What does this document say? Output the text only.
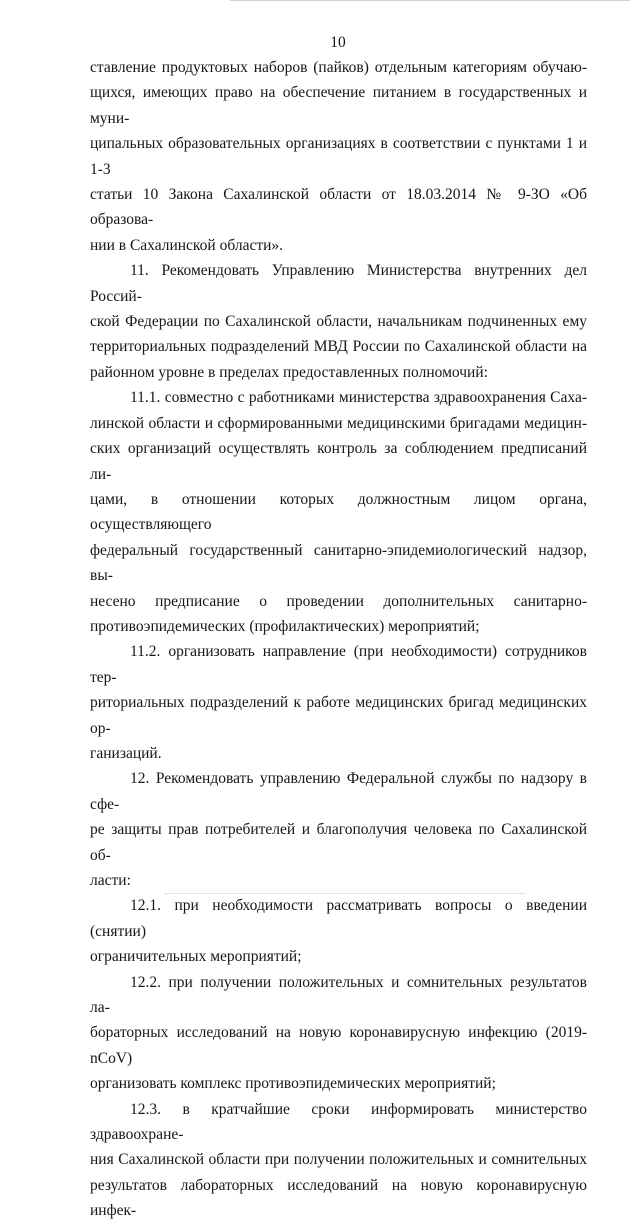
10

ставление продуктовых наборов (пайков) отдельным категориям обучаю-
щихся, имеющих право на обеспечение питанием в государственных и муни-
ципальных образовательных организациях в соответствии с пунктами 1 и 1-3
статьи 10 Закона Сахалинской области от 18.03.2014 № 9-ЗО «Об образова-
нии в Сахалинской области».

11. Рекомендовать Управлению Министерства внутренних дел Россий-
ской Федерации по Сахалинской области, начальникам подчиненных ему
территориальных подразделений МВД России по Сахалинской области на
районном уровне в пределах предоставленных полномочий:

11.1. совместно с работниками министерства здравоохранения Саха-
линской области и сформированными медицинскими бригадами медицин-
ских организаций осуществлять контроль за соблюдением предписаний ли-
цами, в отношении которых должностным лицом органа, осуществляющего
федеральный государственный санитарно-эпидемиологический надзор, вы-
несено предписание о проведении дополнительных санитарно-
противоэпидемических (профилактических) мероприятий;

11.2. организовать направление (при необходимости) сотрудников тер-
риториальных подразделений к работе медицинских бригад медицинских ор-
ганизаций.

12. Рекомендовать управлению Федеральной службы по надзору в сфе-
ре защиты прав потребителей и благополучия человека по Сахалинской об-
ласти:

12.1. при необходимости рассматривать вопросы о введении (снятии)
ограничительных мероприятий;

12.2. при получении положительных и сомнительных результатов ла-
бораторных исследований на новую коронавирусную инфекцию (2019-nCoV)
организовать комплекс противоэпидемических мероприятий;

12.3. в кратчайшие сроки информировать министерство здравоохране-
ния Сахалинской области при получении положительных и сомнительных
результатов лабораторных исследований на новую коронавирусную инфек-
